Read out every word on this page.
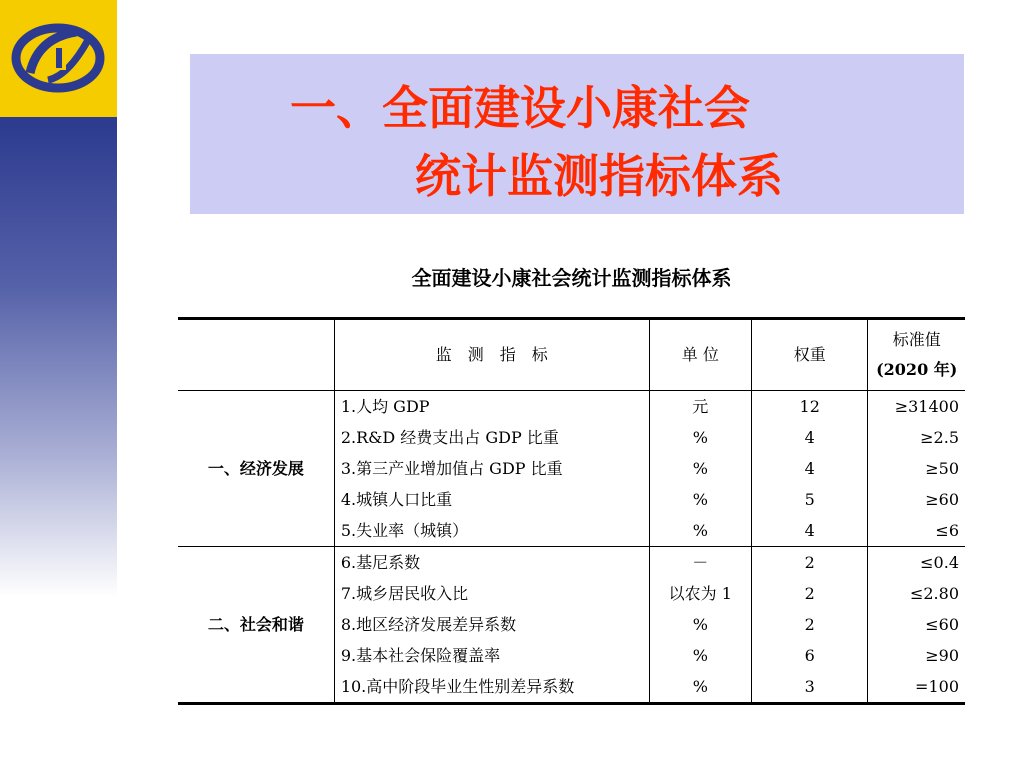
一、全面建设小康社会
统计监测指标体系
全面建设小康社会统计监测指标体系
	监　测　指　标	单 位	权重	标准值
(2020 年)

一、经济发展	1.人均 GDP	元	12	≥31400
	2.R&D 经费支出占 GDP 比重	%	4	≥2.5
	3.第三产业增加值占 GDP 比重	%	4	≥50
	4.城镇人口比重	%	5	≥60
	5.失业率（城镇）	%	4	≤6
二、社会和谐	6.基尼系数	－	2	≤0.4
	7.城乡居民收入比	以农为 1	2	≤2.80
	8.地区经济发展差异系数	%	2	≤60
	9.基本社会保险覆盖率	%	6	≥90
	10.高中阶段毕业生性别差异系数	%	3	=100
